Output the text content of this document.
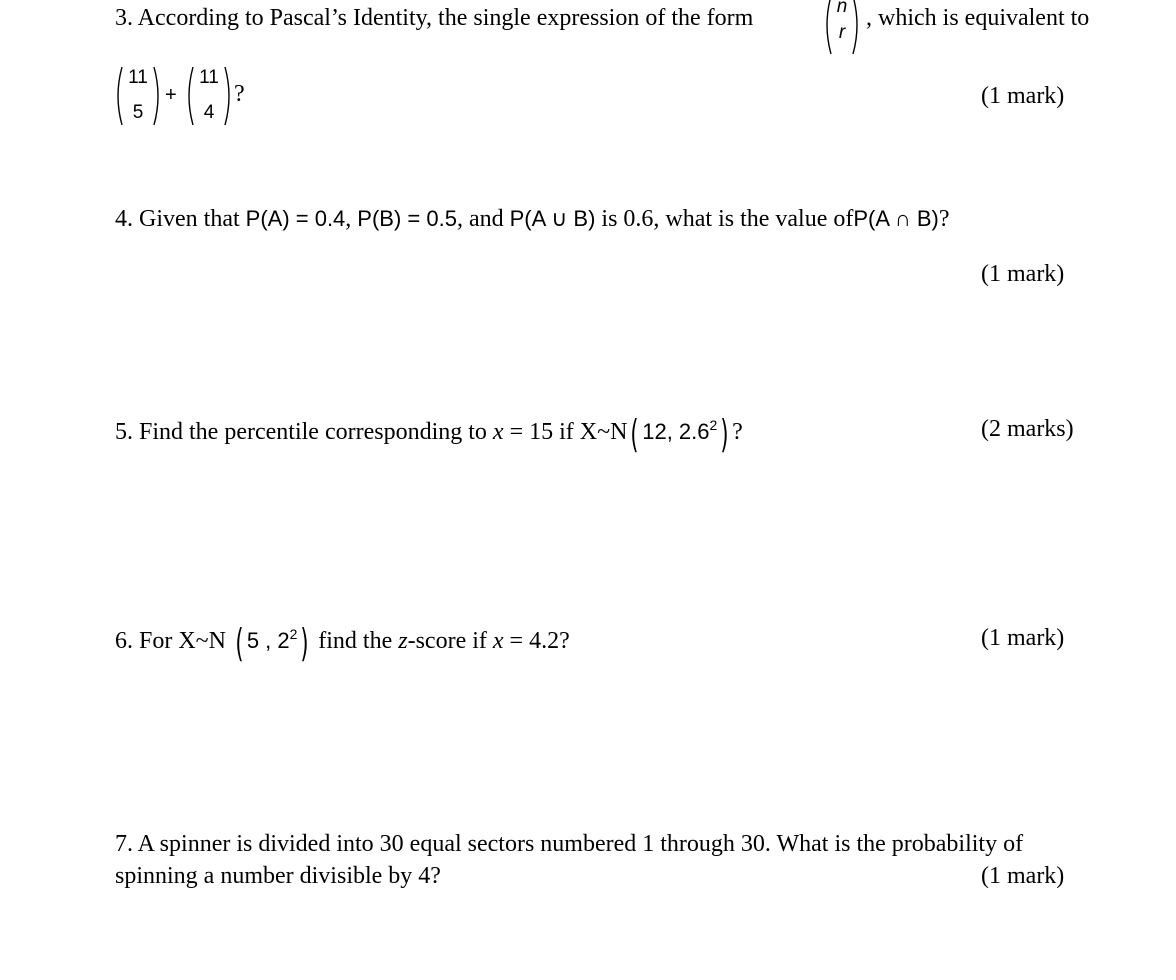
3. According to Pascal’s Identity, the single expression of the form	n
r
, which is equivalent to
11
5
+
11
4
?	(1 mark)
4. Given that P(A) = 0.4, P(B) = 0.5, and P(A ∪ B) is 0.6, what is the value ofP(A ∩ B)?
(1 mark)
5. Find the percentile corresponding to x = 15 if X~N( 12, $2.6^2$) ?	(2 marks)
6. For X~N ( 5 , $2^2$) find the z-score if x = 4.2?	(1 mark)
7. A spinner is divided into 30 equal sectors numbered 1 through 30. What is the probability of
spinning a number divisible by 4?	(1 mark)
